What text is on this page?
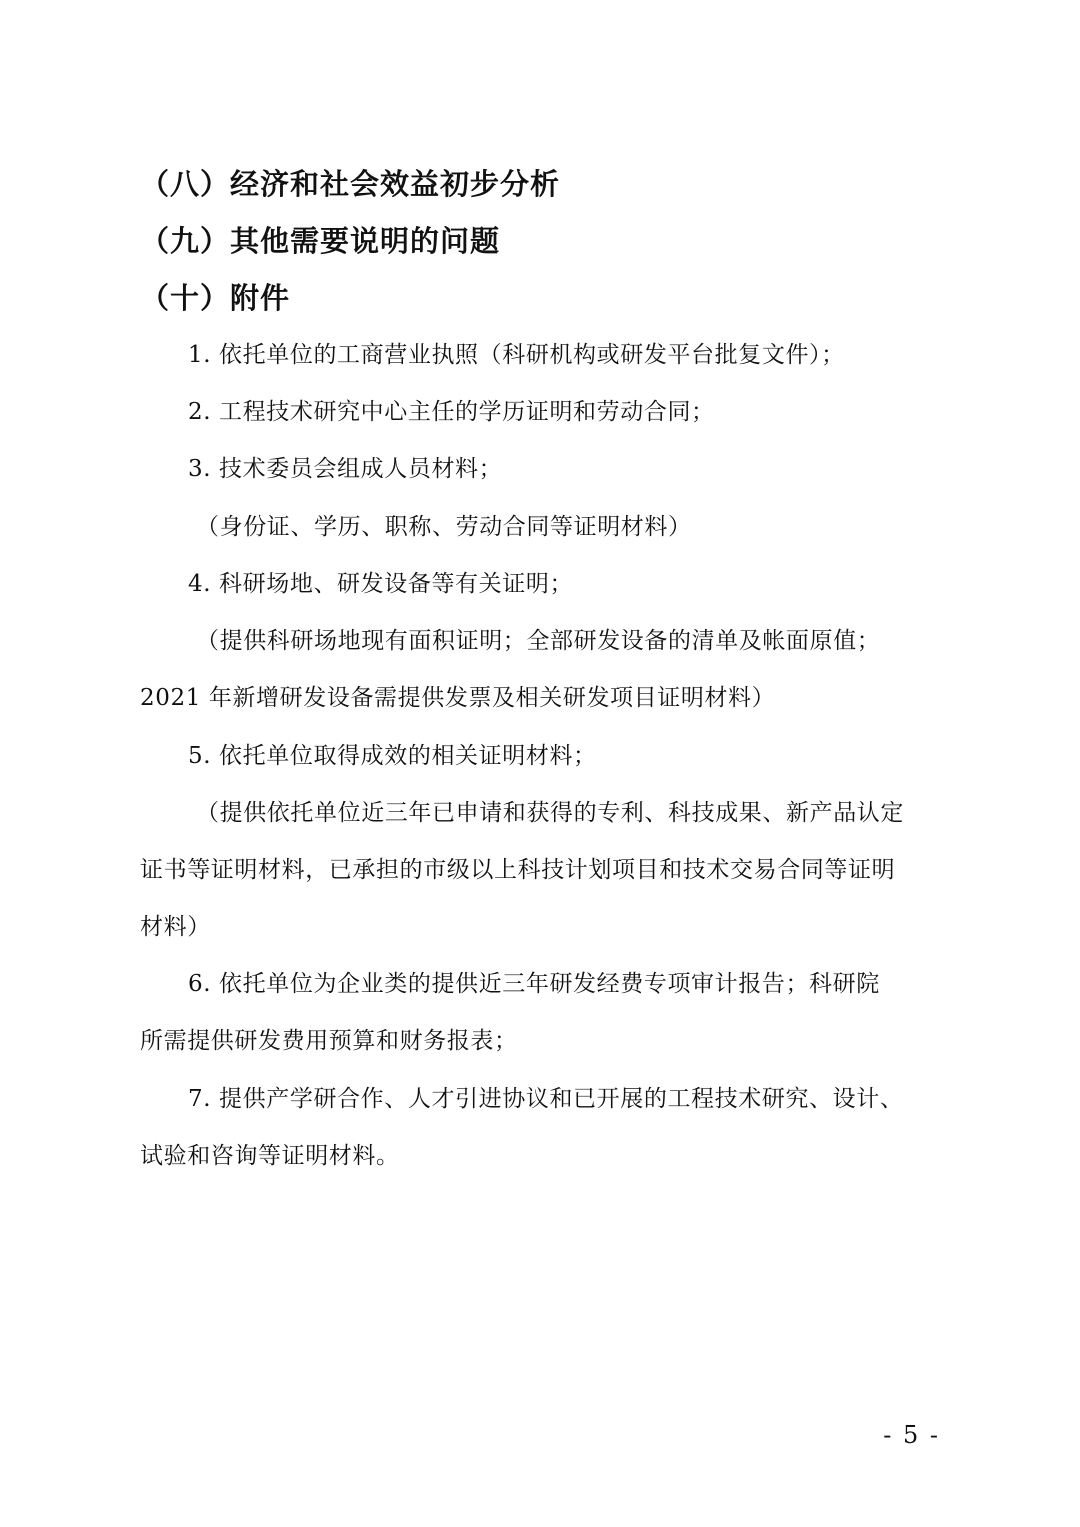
（八）经济和社会效益初步分析
（九）其他需要说明的问题
（十）附件
1. 依托单位的工商营业执照（科研机构或研发平台批复文件）；
2. 工程技术研究中心主任的学历证明和劳动合同；
3. 技术委员会组成人员材料；
（身份证、学历、职称、劳动合同等证明材料）
4. 科研场地、研发设备等有关证明；
（提供科研场地现有面积证明；全部研发设备的清单及帐面原值；
2021 年新增研发设备需提供发票及相关研发项目证明材料）
5. 依托单位取得成效的相关证明材料；
（提供依托单位近三年已申请和获得的专利、科技成果、新产品认定
证书等证明材料，已承担的市级以上科技计划项目和技术交易合同等证明
材料）
6. 依托单位为企业类的提供近三年研发经费专项审计报告；科研院
所需提供研发费用预算和财务报表；
7. 提供产学研合作、人才引进协议和已开展的工程技术研究、设计、
试验和咨询等证明材料。
- 5 -
